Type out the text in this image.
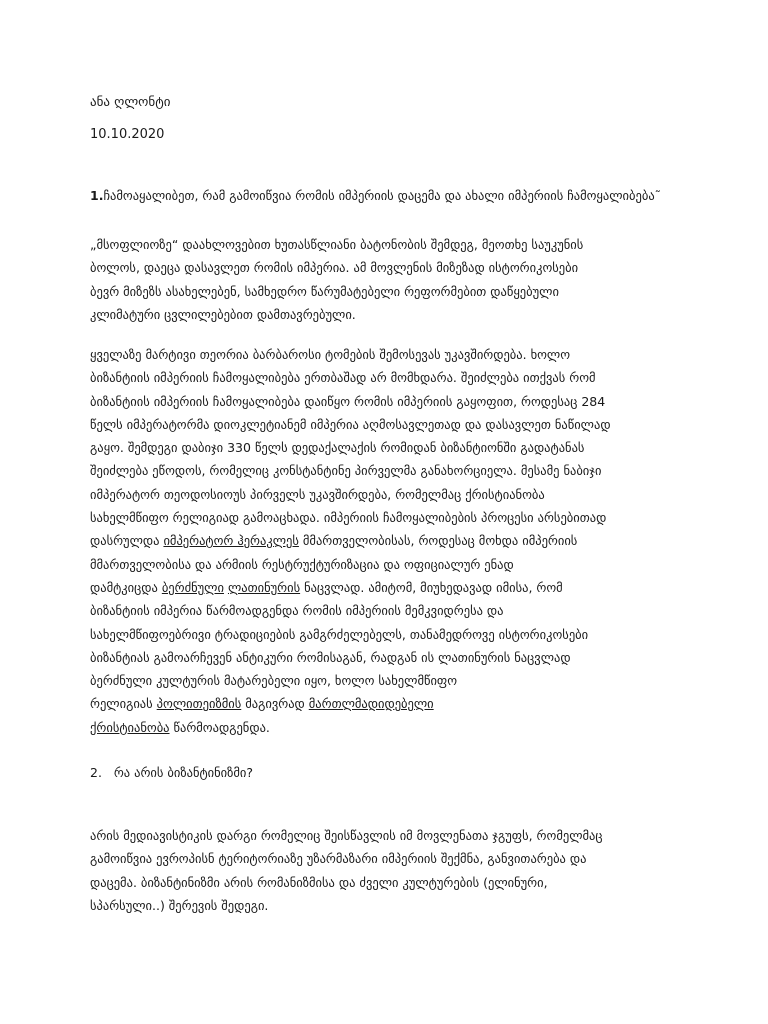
ანა ღლონტი
10.10.2020
1.ჩამოაყალიბეთ, რამ გამოიწვია რომის იმპერიის დაცემა და ახალი იმპერიის ჩამოყალიბება˜
„მსოფლიოზე“ დაახლოვებით ხუთასწლიანი ბატონობის შემდეგ, მეოთხე საუკუნის
ბოლოს, დაეცა დასავლეთ რომის იმპერია. ამ მოვლენის მიზეზად ისტორიკოსები
ბევრ მიზეზს ასახელებენ, სამხედრო წარუმატებელი რეფორმებით დაწყებული
კლიმატური ცვლილებებით დამთავრებული.
ყველაზე მარტივი თეორია ბარბაროსი ტომების შემოსევას უკავშირდება. ხოლო
ბიზანტიის იმპერიის ჩამოყალიბება ერთბაშად არ მომხდარა. შეიძლება ითქვას რომ
ბიზანტიის იმპერიის ჩამოყალიბება დაიწყო რომის იმპერიის გაყოფით, როდესაც 284
წელს იმპერატორმა დიოკლეტიანემ იმპერია აღმოსავლეთად და დასავლეთ ნაწილად
გაყო. შემდეგი დაბიჯი 330 წელს დედაქალაქის რომიდან ბიზანტიონში გადატანას
შეიძლება ეწოდოს, რომელიც კონსტანტინე პირველმა განახორციელა. მესამე ნაბიჯი
იმპერატორ თეოდოსიოუს პირველს უკავშირდება, რომელმაც ქრისტიანობა
სახელმწიფო რელიგიად გამოაცხადა. იმპერიის ჩამოყალიბების პროცესი არსებითად
დასრულდა იმპერატორ ჰერაკლეს მმართველობისას, როდესაც მოხდა იმპერიის
მმართველობისა და არმიის რესტრუქტურიზაცია და ოფიციალურ ენად
დამტკიცდა ბერძნული ლათინურის ნაცვლად. ამიტომ, მიუხედავად იმისა, რომ
ბიზანტიის იმპერია წარმოადგენდა რომის იმპერიის მემკვიდრესა და
სახელმწიფოებრივი ტრადიციების გამგრძელებელს, თანამედროვე ისტორიკოსები
ბიზანტიას გამოარჩევენ ანტიკური რომისაგან, რადგან ის ლათინურის ნაცვლად
ბერძნული კულტურის მატარებელი იყო, ხოლო სახელმწიფო
რელიგიას პოლითეიზმის მაგივრად მართლმადიდებელი
ქრისტიანობა წარმოადგენდა.
2. რა არის ბიზანტინიზმი?
არის მედიავისტიკის დარგი რომელიც შეისწავლის იმ მოვლენათა ჯგუფს, რომელმაც
გამოიწვია ევროპისნ ტერიტორიაზე უზარმაზარი იმპერიის შექმნა, განვითარება და
დაცემა. ბიზანტინიზმი არის რომანიზმისა და ძველი კულტურების (ელინური,
სპარსული..) შერევის შედეგი.
